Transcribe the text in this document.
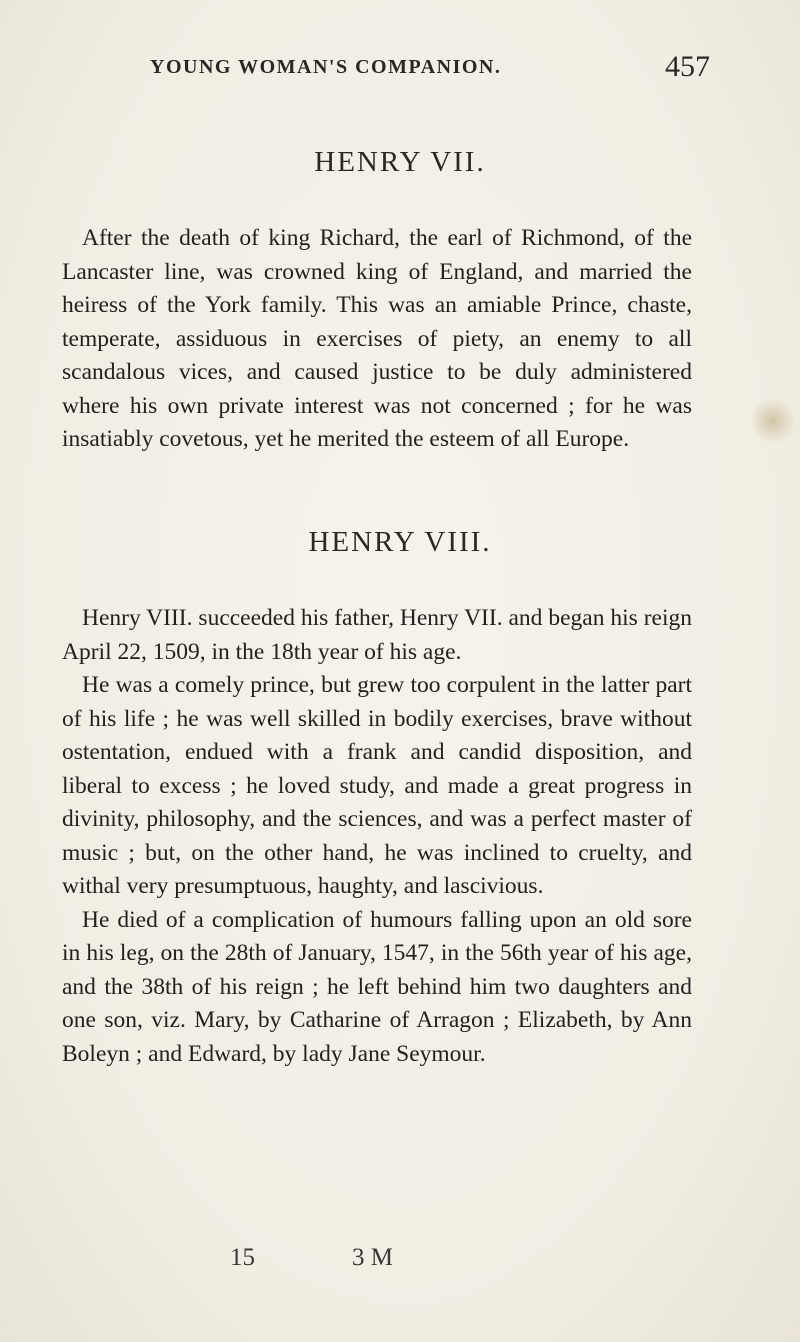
YOUNG WOMAN'S COMPANION.	457
HENRY VII.

After the death of king Richard, the earl of Richmond, of the Lancaster line, was crowned king of England, and married the heiress of the York family. This was an amiable Prince, chaste, temperate, assiduous in exercises of piety, an enemy to all scandalous vices, and caused justice to be duly administered where his own private interest was not concerned ; for he was insatiably covetous, yet he merited the esteem of all Europe.

HENRY VIII.

Henry VIII. succeeded his father, Henry VII. and began his reign April 22, 1509, in the 18th year of his age.

He was a comely prince, but grew too corpulent in the latter part of his life ; he was well skilled in bodily exercises, brave without ostentation, endued with a frank and candid disposition, and liberal to excess ; he loved study, and made a great progress in divinity, philosophy, and the sciences, and was a perfect master of music ; but, on the other hand, he was inclined to cruelty, and withal very presumptuous, haughty, and lascivious.

He died of a complication of humours falling upon an old sore in his leg, on the 28th of January, 1547, in the 56th year of his age, and the 38th of his reign ; he left behind him two daughters and one son, viz. Mary, by Catharine of Arragon ; Elizabeth, by Ann Boleyn ; and Edward, by lady Jane Seymour.

15	3 M
